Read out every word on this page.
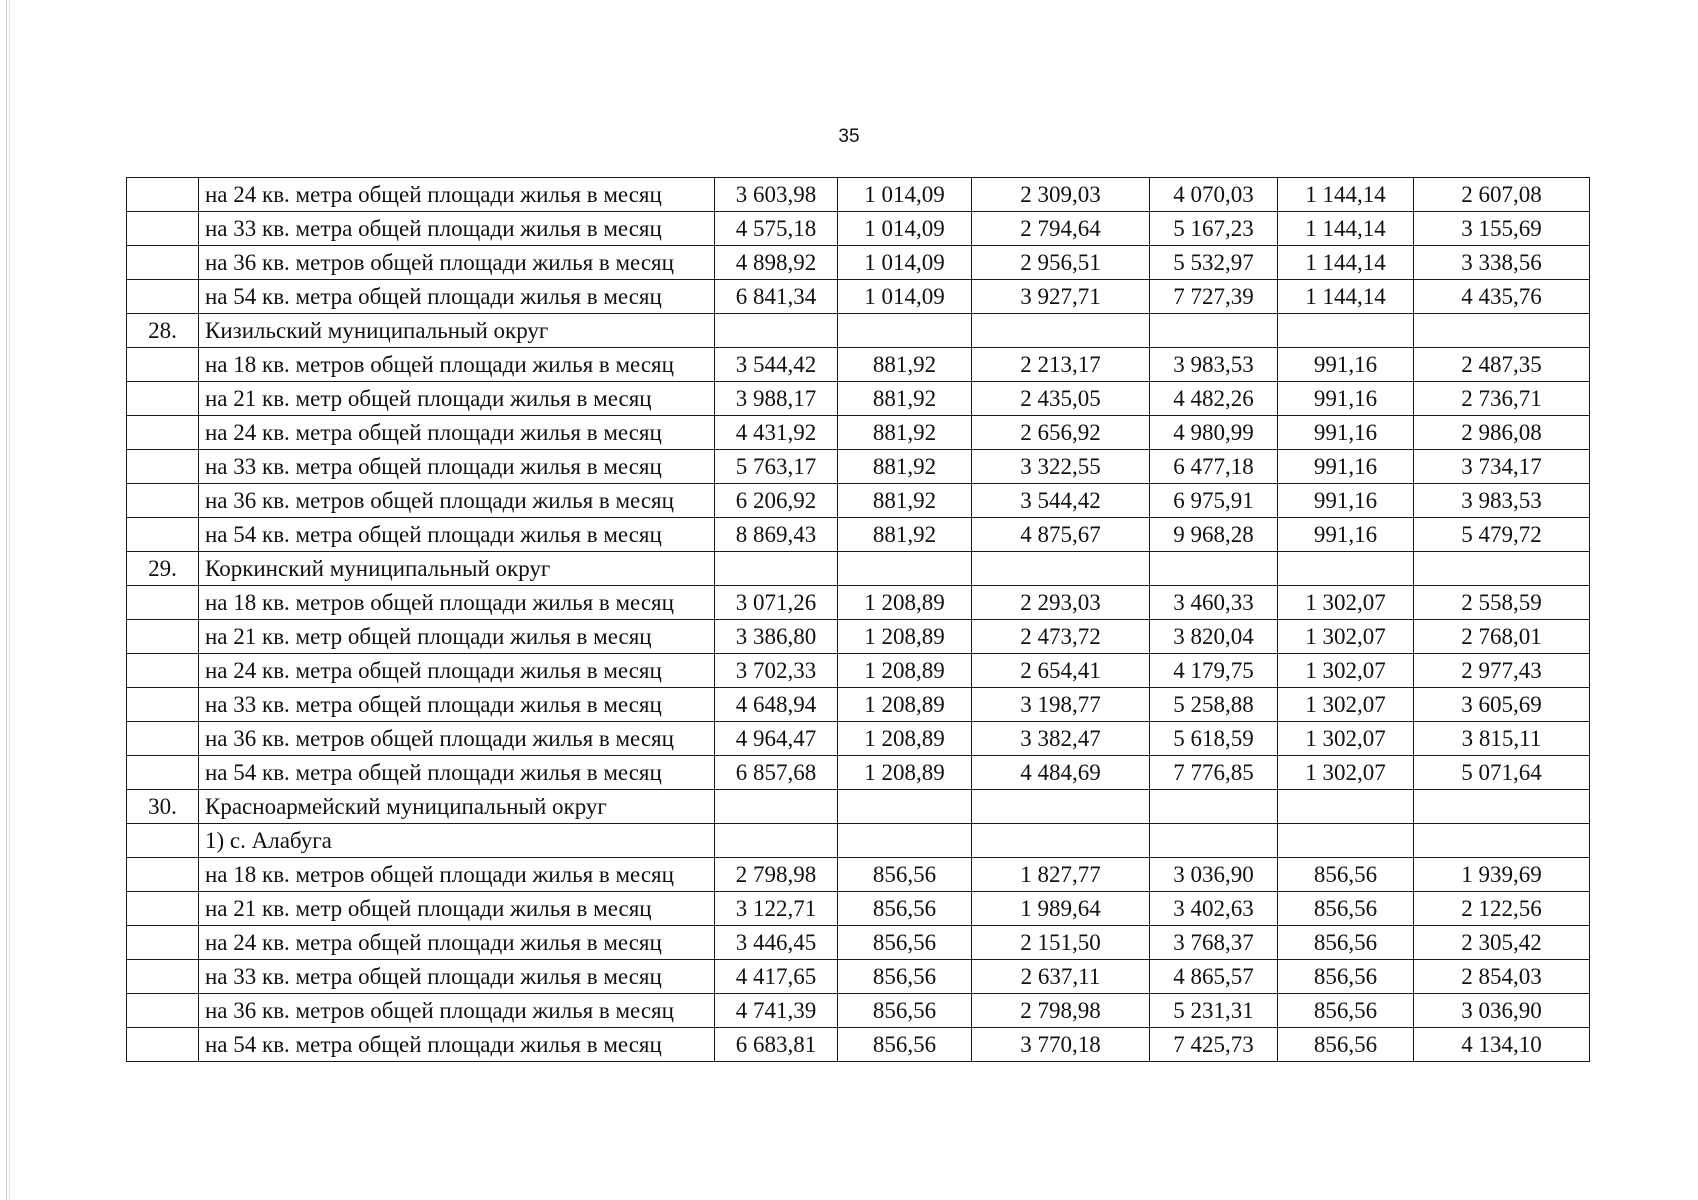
35
	на 24 кв. метра общей площади жилья в месяц	3 603,98	1 014,09	2 309,03	4 070,03	1 144,14	2 607,08
	на 33 кв. метра общей площади жилья в месяц	4 575,18	1 014,09	2 794,64	5 167,23	1 144,14	3 155,69
	на 36 кв. метров общей площади жилья в месяц	4 898,92	1 014,09	2 956,51	5 532,97	1 144,14	3 338,56
	на 54 кв. метра общей площади жилья в месяц	6 841,34	1 014,09	3 927,71	7 727,39	1 144,14	4 435,76
28.	Кизильский муниципальный округ						
	на 18 кв. метров общей площади жилья в месяц	3 544,42	881,92	2 213,17	3 983,53	991,16	2 487,35
	на 21 кв. метр общей площади жилья в месяц	3 988,17	881,92	2 435,05	4 482,26	991,16	2 736,71
	на 24 кв. метра общей площади жилья в месяц	4 431,92	881,92	2 656,92	4 980,99	991,16	2 986,08
	на 33 кв. метра общей площади жилья в месяц	5 763,17	881,92	3 322,55	6 477,18	991,16	3 734,17
	на 36 кв. метров общей площади жилья в месяц	6 206,92	881,92	3 544,42	6 975,91	991,16	3 983,53
	на 54 кв. метра общей площади жилья в месяц	8 869,43	881,92	4 875,67	9 968,28	991,16	5 479,72
29.	Коркинский муниципальный округ						
	на 18 кв. метров общей площади жилья в месяц	3 071,26	1 208,89	2 293,03	3 460,33	1 302,07	2 558,59
	на 21 кв. метр общей площади жилья в месяц	3 386,80	1 208,89	2 473,72	3 820,04	1 302,07	2 768,01
	на 24 кв. метра общей площади жилья в месяц	3 702,33	1 208,89	2 654,41	4 179,75	1 302,07	2 977,43
	на 33 кв. метра общей площади жилья в месяц	4 648,94	1 208,89	3 198,77	5 258,88	1 302,07	3 605,69
	на 36 кв. метров общей площади жилья в месяц	4 964,47	1 208,89	3 382,47	5 618,59	1 302,07	3 815,11
	на 54 кв. метра общей площади жилья в месяц	6 857,68	1 208,89	4 484,69	7 776,85	1 302,07	5 071,64
30.	Красноармейский муниципальный округ						
	1) с. Алабуга						
	на 18 кв. метров общей площади жилья в месяц	2 798,98	856,56	1 827,77	3 036,90	856,56	1 939,69
	на 21 кв. метр общей площади жилья в месяц	3 122,71	856,56	1 989,64	3 402,63	856,56	2 122,56
	на 24 кв. метра общей площади жилья в месяц	3 446,45	856,56	2 151,50	3 768,37	856,56	2 305,42
	на 33 кв. метра общей площади жилья в месяц	4 417,65	856,56	2 637,11	4 865,57	856,56	2 854,03
	на 36 кв. метров общей площади жилья в месяц	4 741,39	856,56	2 798,98	5 231,31	856,56	3 036,90
	на 54 кв. метра общей площади жилья в месяц	6 683,81	856,56	3 770,18	7 425,73	856,56	4 134,10
